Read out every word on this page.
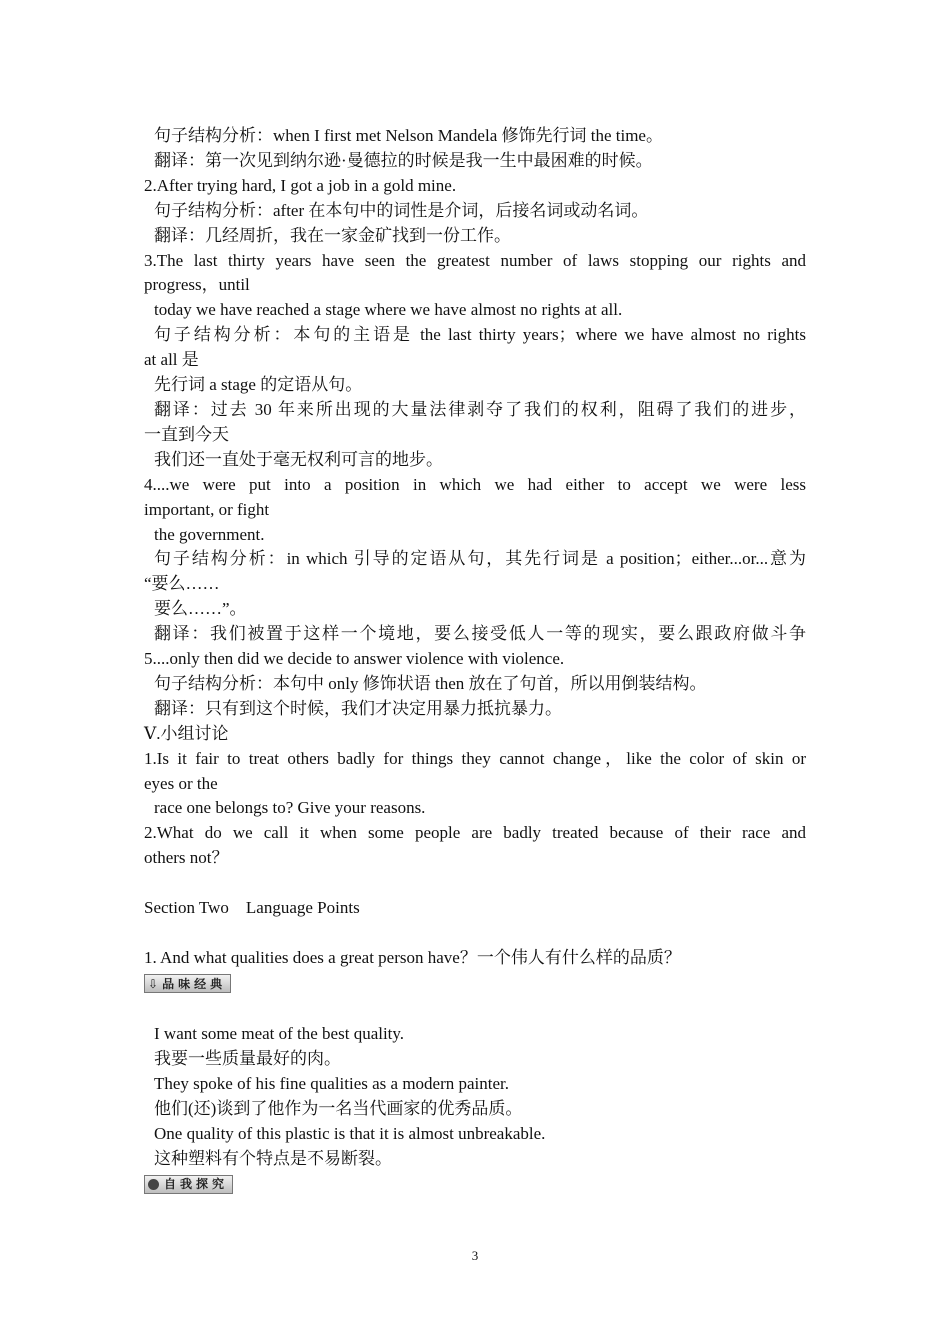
句子结构分析：when I first met Nelson Mandela 修饰先行词 the time。
翻译：第一次见到纳尔逊·曼德拉的时候是我一生中最困难的时候。
2.After trying hard, I got a job in a gold mine.
句子结构分析：after 在本句中的词性是介词，后接名词或动名词。
翻译：几经周折，我在一家金矿找到一份工作。
3.The last thirty years have seen the greatest number of laws stopping our rights and
progress，until
today we have reached a stage where we have almost no rights at all.
句子结构分析：本句的主语是 the last thirty years；where we have almost no rights
at all 是
先行词 a stage 的定语从句。
翻译：过去 30 年来所出现的大量法律剥夺了我们的权利，阻碍了我们的进步，
一直到今天
我们还一直处于毫无权利可言的地步。
4....we were put into a position in which we had either to accept we were less
important, or fight
the government.
句子结构分析：in which 引导的定语从句，其先行词是 a position；either...or...意为
“要么……
要么……”。
翻译：我们被置于这样一个境地，要么接受低人一等的现实，要么跟政府做斗争
5....only then did we decide to answer violence with violence.
句子结构分析：本句中 only 修饰状语 then 放在了句首，所以用倒装结构。
翻译：只有到这个时候，我们才决定用暴力抵抗暴力。
Ⅴ.小组讨论
1.Is it fair to treat others badly for things they cannot change，like the color of skin or
eyes or the
race one belongs to? Give your reasons.
2.What do we call it when some people are badly treated because of their race and
others not？
Section Two    Language Points
1. And what qualities does a great person have？一个伟人有什么样的品质？
⇩ 品味经典
I want some meat of the best quality.
我要一些质量最好的肉。
They spoke of his fine qualities as a modern painter.
他们(还)谈到了他作为一名当代画家的优秀品质。
One quality of this plastic is that it is almost unbreakable.
这种塑料有个特点是不易断裂。
自我探究
3
